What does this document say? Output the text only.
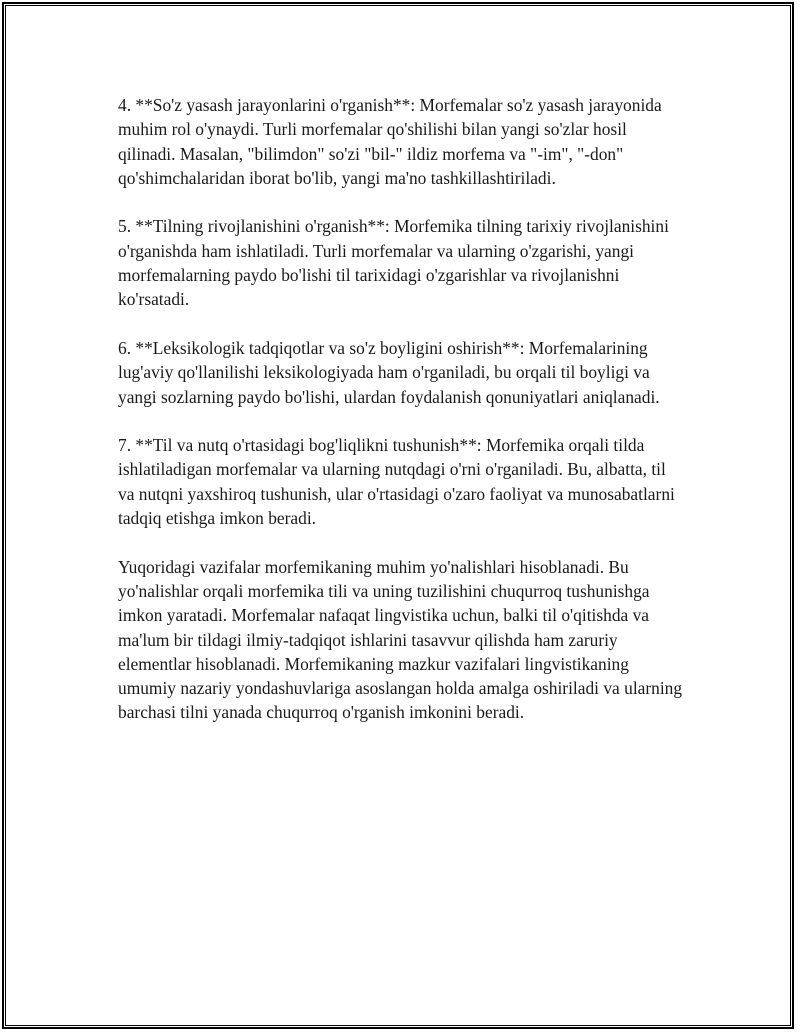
4. **So'z yasash jarayonlarini o'rganish**: Morfemalar so'z yasash jarayonida muhim rol o'ynaydi. Turli morfemalar qo'shilishi bilan yangi so'zlar hosil qilinadi. Masalan, "bilimdon" so'zi "bil-" ildiz morfema va "-im", "-don" qo'shimchalaridan iborat bo'lib, yangi ma'no tashkillashtiriladi.

5. **Tilning rivojlanishini o'rganish**: Morfemika tilning tarixiy rivojlanishini o'rganishda ham ishlatiladi. Turli morfemalar va ularning o'zgarishi, yangi morfemalarning paydo bo'lishi til tarixidagi o'zgarishlar va rivojlanishni ko'rsatadi.

6. **Leksikologik tadqiqotlar va so'z boyligini oshirish**: Morfemalarining lug'aviy qo'llanilishi leksikologiyada ham o'rganiladi, bu orqali til boyligi va yangi sozlarning paydo bo'lishi, ulardan foydalanish qonuniyatlari aniqlanadi.

7. **Til va nutq o'rtasidagi bog'liqlikni tushunish**: Morfemika orqali tilda ishlatiladigan morfemalar va ularning nutqdagi o'rni o'rganiladi. Bu, albatta, til va nutqni yaxshiroq tushunish, ular o'rtasidagi o'zaro faoliyat va munosabatlarni tadqiq etishga imkon beradi.

Yuqoridagi vazifalar morfemikaning muhim yo'nalishlari hisoblanadi. Bu yo'nalishlar orqali morfemika tili va uning tuzilishini chuqurroq tushunishga imkon yaratadi. Morfemalar nafaqat lingvistika uchun, balki til o'qitishda va ma'lum bir tildagi ilmiy-tadqiqot ishlarini tasavvur qilishda ham zaruriy elementlar hisoblanadi. Morfemikaning mazkur vazifalari lingvistikaning umumiy nazariy yondashuvlariga asoslangan holda amalga oshiriladi va ularning barchasi tilni yanada chuqurroq o'rganish imkonini beradi.
